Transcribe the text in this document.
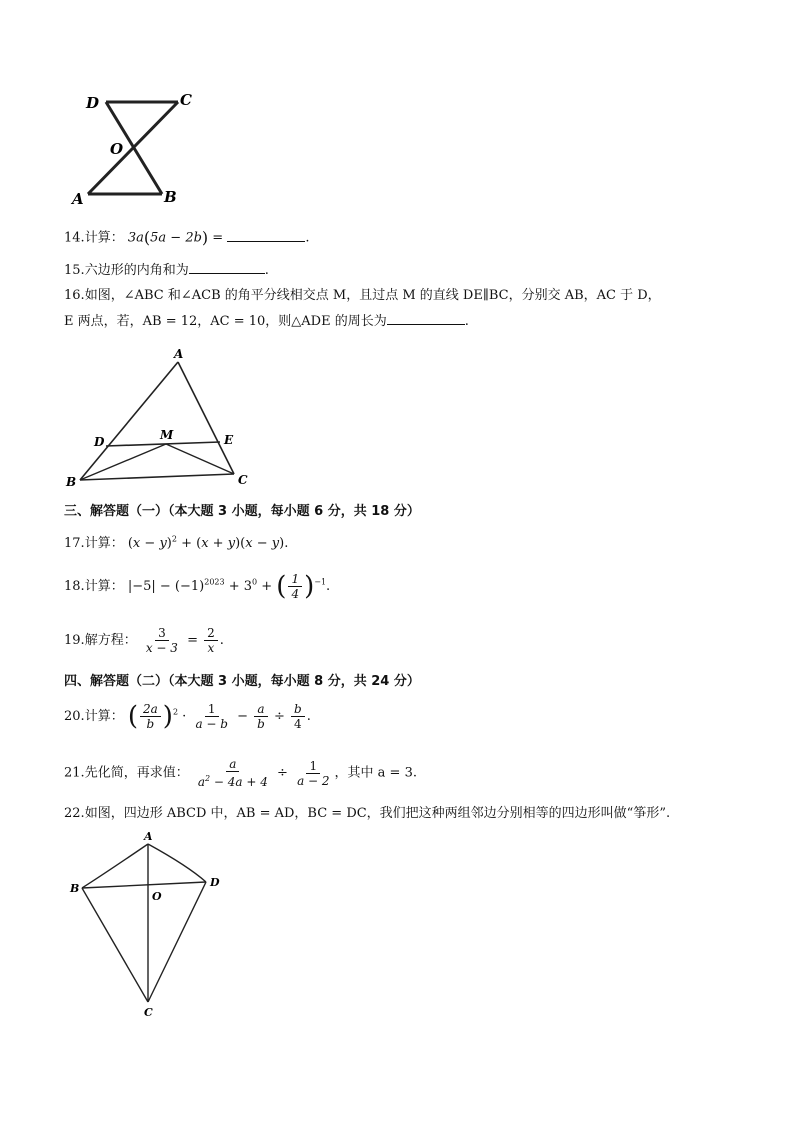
D	C
O
A	B
14.计算： 3a(5a − 2b) =	.
15.六边形的内角和为	.
16.如图，∠ABC 和∠ACB 的角平分线相交点 M，且过点 M 的直线 DE∥BC，分别交 AB，AC 于 D，
E 两点，若，AB = 12，AC = 10，则△ADE 的周长为	.
A
D	M	E
B	C
三、解答题（一）（本大题 3 小题，每小题 6 分，共 18 分）
17.计算： $(x - y)^2 + (x + y)(x - y)$.
18.计算： $|-5| - (-1)^{2023} + 3^0$ + ( $\frac{1}{4} )^{-1}$.
19.解方程： $\frac{3}{x - 3} = \frac{2}{x}$ .
四、解答题（二）（本大题 3 小题，每小题 8 分，共 24 分）
20.计算： ( $\frac{2a}{b} )^2 \cdot \frac{1}{a - b} - \frac{a}{b} \div \frac{b}{4}$ .
21.先化简，再求值： $\frac{a}{a^2 - 4a + 4} \div \frac{1}{a - 2}$ ，其中 a = 3.
22.如图，四边形 ABCD 中，AB = AD，BC = DC，我们把这种两组邻边分别相等的四边形叫做“筝形”.
A
B
O
D
C
